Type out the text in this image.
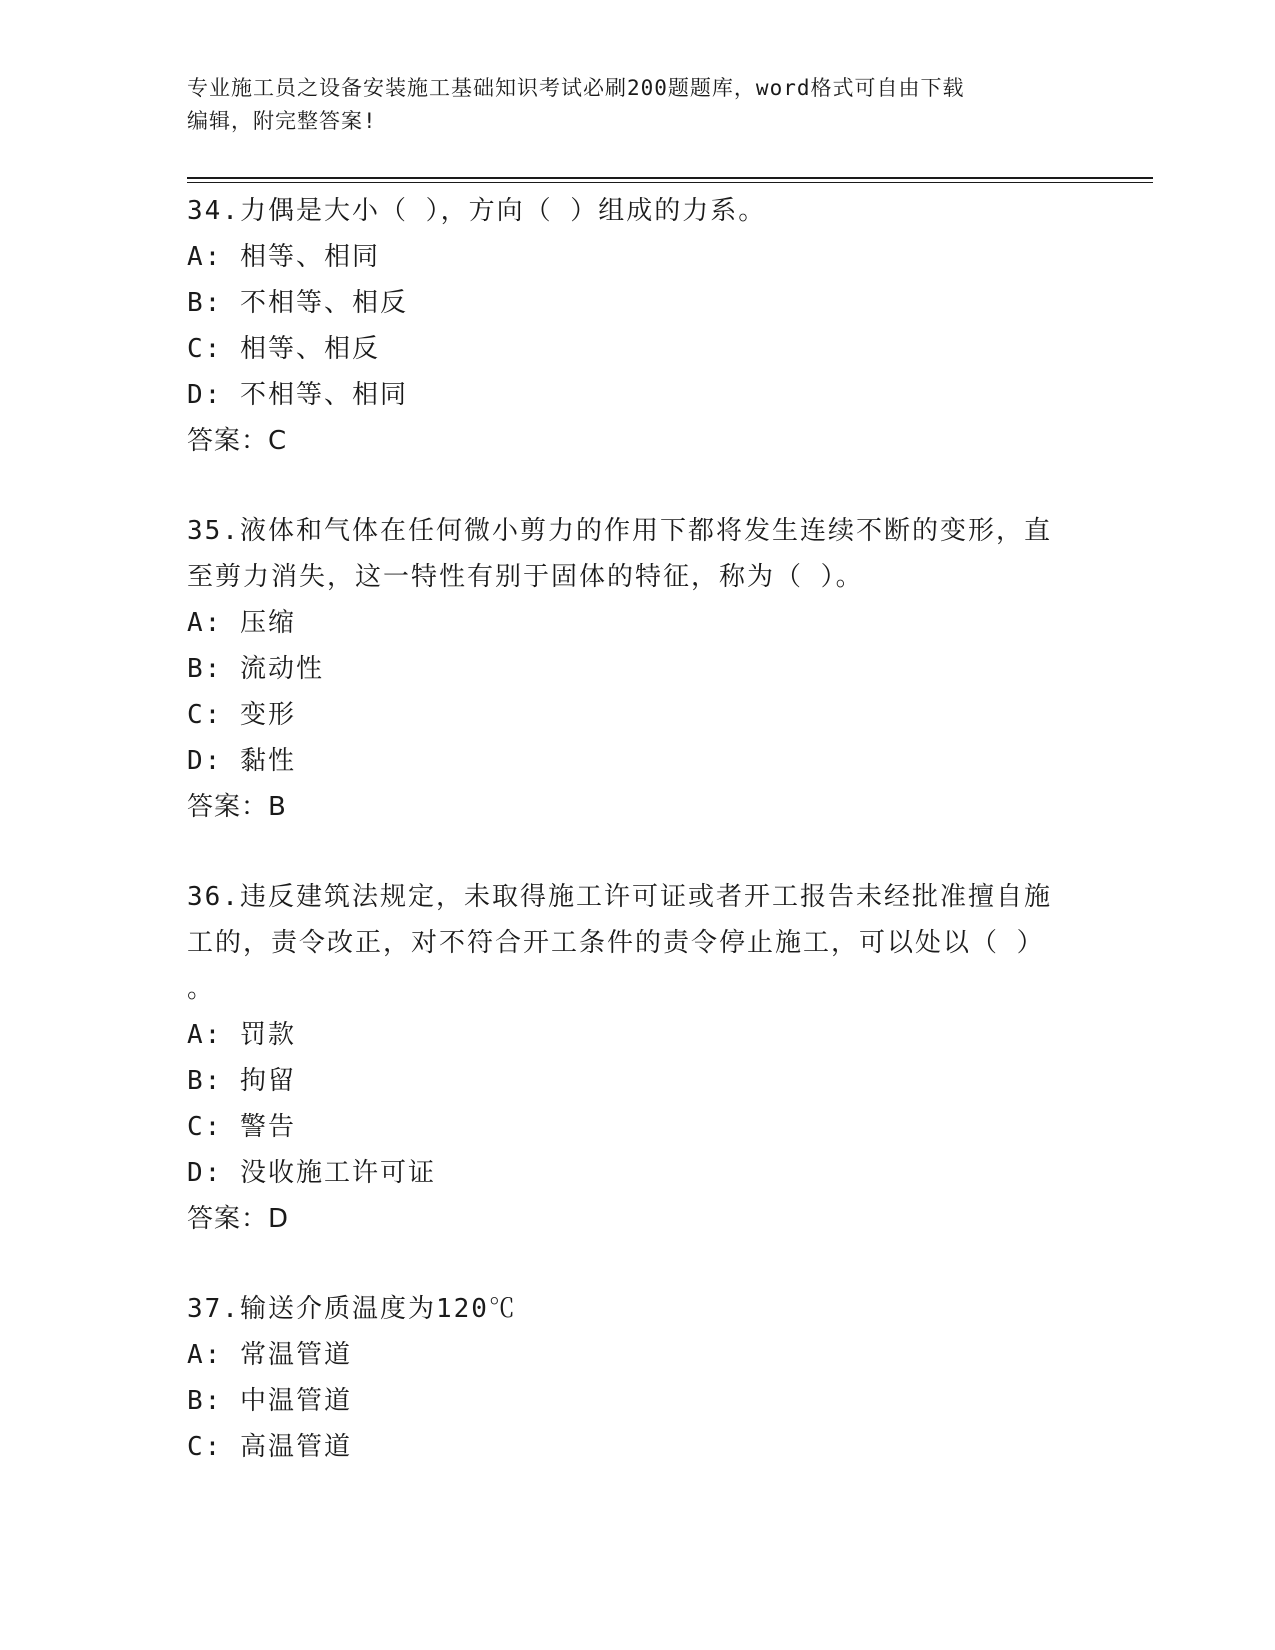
专业施工员之设备安装施工基础知识考试必刷200题题库，word格式可自由下载
编辑，附完整答案!

34.力偶是大小（ ），方向（ ）组成的力系。

A: 相等、相同

B: 不相等、相反

C: 相等、相反

D: 不相等、相同

答案：C

35.液体和气体在任何微小剪力的作用下都将发生连续不断的变形，直

至剪力消失，这一特性有别于固体的特征，称为（ ）。

A: 压缩

B: 流动性

C: 变形

D: 黏性

答案：B

36.违反建筑法规定，未取得施工许可证或者开工报告未经批准擅自施

工的，责令改正，对不符合开工条件的责令停止施工，可以处以（ ）

。

A: 罚款

B: 拘留

C: 警告

D: 没收施工许可证

答案：D

37.输送介质温度为120℃

A: 常温管道

B: 中温管道

C: 高温管道
